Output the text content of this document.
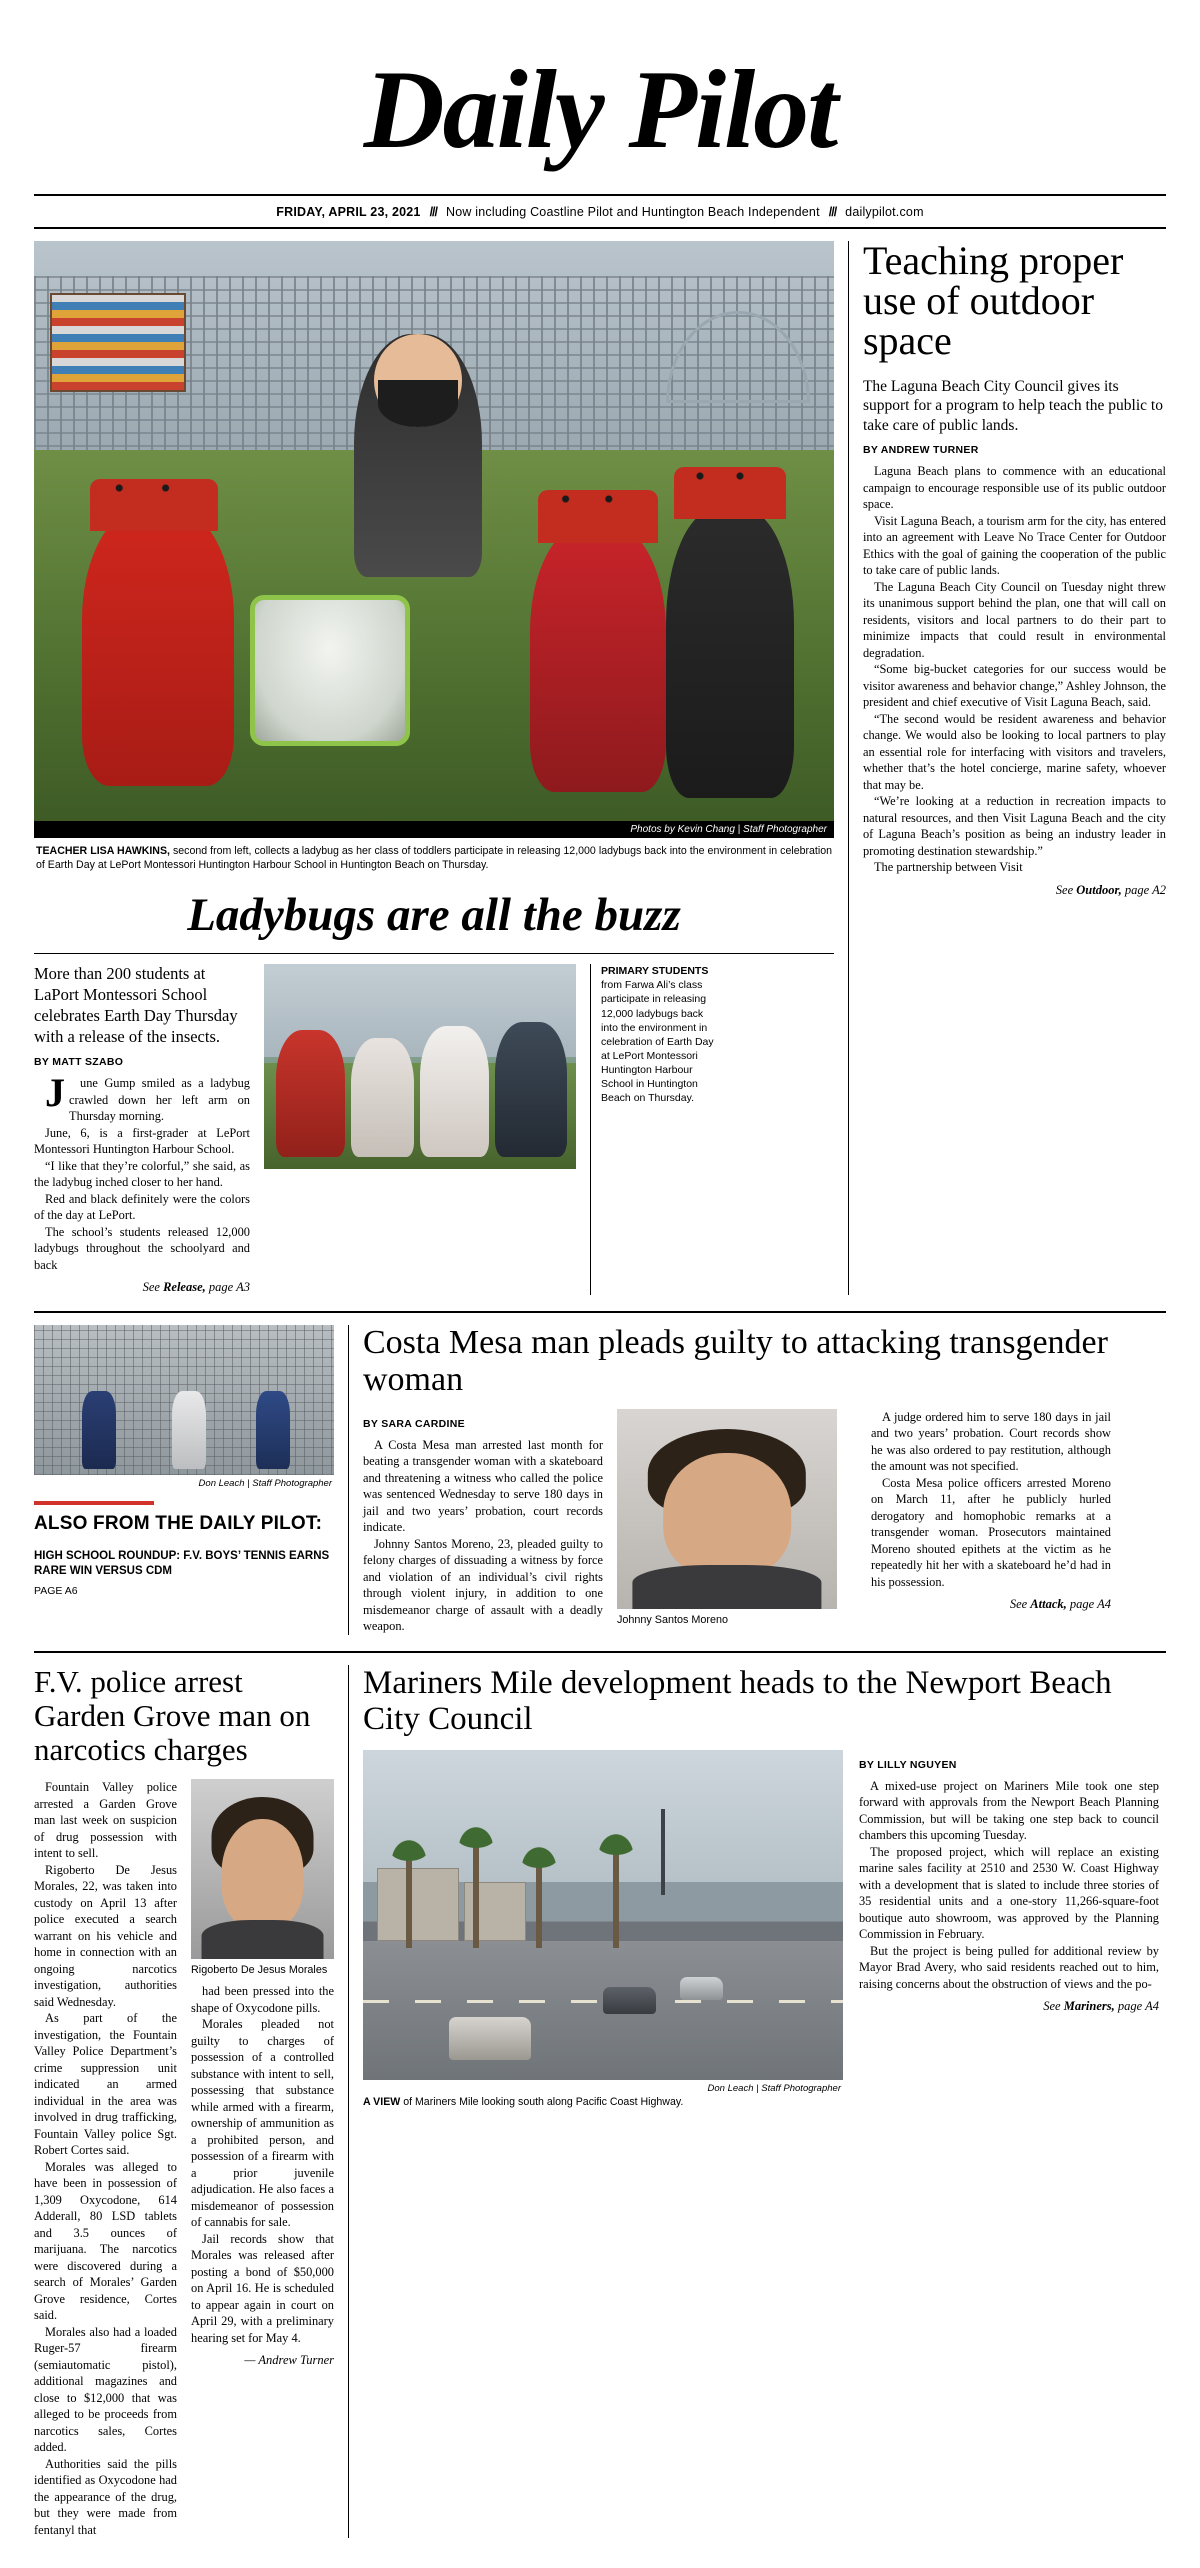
Daily Pilot
FRIDAY, APRIL 23, 2021 /// Now including Coastline Pilot and Huntington Beach Independent /// dailypilot.com
Photos by Kevin Chang | Staff Photographer
TEACHER LISA HAWKINS, second from left, collects a ladybug as her class of toddlers participate in releasing 12,000 ladybugs back into the environment in celebration of Earth Day at LePort Montessori Huntington Harbour School in Huntington Beach on Thursday.
Ladybugs are all the buzz
More than 200 students at LaPort Montessori School celebrates Earth Day Thursday with a release of the insects.
BY MATT SZABO

June Gump smiled as a ladybug crawled down her left arm on Thursday morning.

June, 6, is a first-grader at LePort Montessori Huntington Harbour School.

“I like that they’re colorful,” she said, as the ladybug inched closer to her hand.

Red and black definitely were the colors of the day at LePort.

The school’s students released 12,000 ladybugs throughout the schoolyard and back

See Release, page A3
PRIMARY STUDENTS from Farwa Ali’s class participate in releasing 12,000 ladybugs back into the environment in celebration of Earth Day at LePort Montessori Huntington Harbour School in Huntington Beach on Thursday.
Teaching proper use of outdoor space
The Laguna Beach City Council gives its support for a program to help teach the public to take care of public lands.
BY ANDREW TURNER

Laguna Beach plans to commence with an educational campaign to encourage responsible use of its public outdoor space.

Visit Laguna Beach, a tourism arm for the city, has entered into an agreement with Leave No Trace Center for Outdoor Ethics with the goal of gaining the cooperation of the public to take care of public lands.

The Laguna Beach City Council on Tuesday night threw its unanimous support behind the plan, one that will call on residents, visitors and local partners to do their part to minimize impacts that could result in environmental degradation.

“Some big-bucket categories for our success would be visitor awareness and behavior change,” Ashley Johnson, the president and chief executive of Visit Laguna Beach, said.

“The second would be resident awareness and behavior change. We would also be looking to local partners to play an essential role for interfacing with visitors and travelers, whether that’s the hotel concierge, marine safety, whoever that may be.

“We’re looking at a reduction in recreation impacts to natural resources, and then Visit Laguna Beach and the city of Laguna Beach’s position as being an industry leader in promoting destination stewardship.”

The partnership between Visit

See Outdoor, page A2
Don Leach | Staff Photographer
ALSO FROM THE DAILY PILOT:
HIGH SCHOOL ROUNDUP: F.V. BOYS’ TENNIS EARNS RARE WIN VERSUS CDM
PAGE A6
Costa Mesa man pleads guilty to attacking transgender woman
BY SARA CARDINE

A Costa Mesa man arrested last month for beating a transgender woman with a skateboard and threatening a witness who called the police was sentenced Wednesday to serve 180 days in jail and two years’ probation, court records indicate.

Johnny Santos Moreno, 23, pleaded guilty to felony charges of dissuading a witness by force and violation of an individual’s civil rights through violent injury, in addition to one misdemeanor charge of assault with a deadly weapon.	Johnny Santos Moreno

A judge ordered him to serve 180 days in jail and two years’ probation. Court records show he was also ordered to pay restitution, although the amount was not specified.

Costa Mesa police officers arrested Moreno on March 11, after he publicly hurled derogatory and homophobic remarks at a transgender woman. Prosecutors maintained Moreno shouted epithets at the victim as he repeatedly hit her with a skateboard he’d had in his possession.

See Attack, page A4
F.V. police arrest Garden Grove man on narcotics charges

Fountain Valley police arrested a Garden Grove man last week on suspicion of drug possession with intent to sell.

Rigoberto De Jesus Morales, 22, was taken into custody on April 13 after police executed a search warrant on his vehicle and home in connection with an ongoing narcotics investigation, authorities said Wednesday.

As part of the investigation, the Fountain Valley Police Department’s crime suppression unit indicated an armed individual in the area was involved in drug trafficking, Fountain Valley police Sgt. Robert Cortes said.

Morales was alleged to have been in possession of 1,309 Oxycodone, 614 Adderall, 80 LSD tablets and 3.5 ounces of marijuana. The narcotics were discovered during a search of Morales’ Garden Grove residence, Cortes said.

Morales also had a loaded Ruger-57 firearm (semiautomatic pistol), additional magazines and close to $12,000 that was alleged to be proceeds from narcotics sales, Cortes added.

Authorities said the pills identified as Oxycodone had the appearance of the drug, but they were made from fentanyl that

Rigoberto De Jesus Morales

had been pressed into the shape of Oxycodone pills.

Morales pleaded not guilty to charges of possession of a controlled substance with intent to sell, possessing that substance while armed with a firearm, ownership of ammunition as a prohibited person, and possession of a firearm with a prior juvenile adjudication. He also faces a misdemeanor of possession of cannabis for sale.

Jail records show that Morales was released after posting a bond of $50,000 on April 16. He is scheduled to appear again in court on April 29, with a preliminary hearing set for May 4.

— Andrew Turner
Mariners Mile development heads to the Newport Beach City Council
Don Leach | Staff Photographer
A VIEW of Mariners Mile looking south along Pacific Coast Highway.
BY LILLY NGUYEN

A mixed-use project on Mariners Mile took one step forward with approvals from the Newport Beach Planning Commission, but will be taking one step back to council chambers this upcoming Tuesday.

The proposed project, which will replace an existing marine sales facility at 2510 and 2530 W. Coast Highway with a development that is slated to include three stories of 35 residential units and a one-story 11,266-square-foot boutique auto showroom, was approved by the Planning Commission in February.

But the project is being pulled for additional review by Mayor Brad Avery, who said residents reached out to him, raising concerns about the obstruction of views and the po-

See Mariners, page A4
